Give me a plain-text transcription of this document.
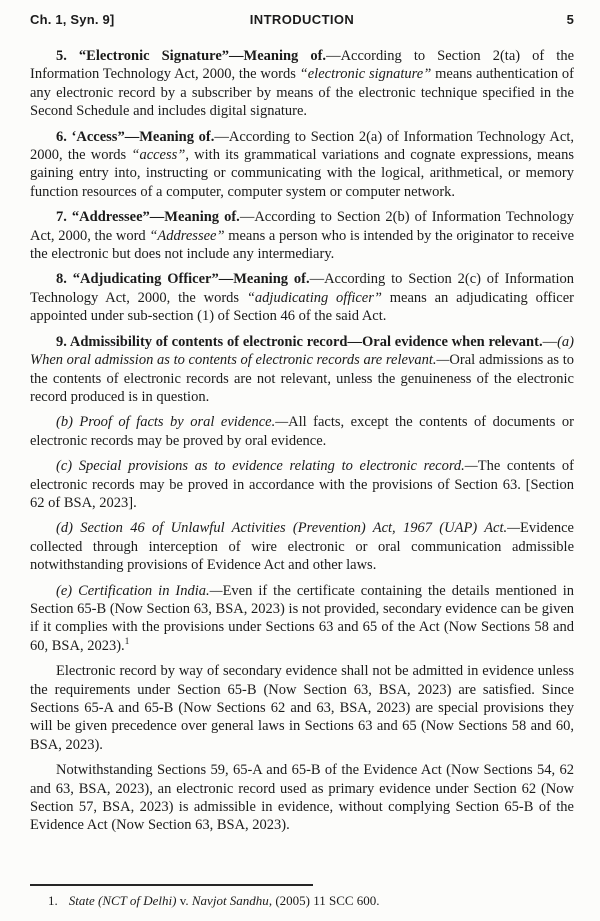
Ch. 1, Syn. 9]	INTRODUCTION	5

5. “Electronic Signature”—Meaning of.—According to Section 2(ta) of the Information Technology Act, 2000, the words “electronic signature” means authentication of any electronic record by a subscriber by means of the electronic technique specified in the Second Schedule and includes digital signature.

6. ‘Access”—Meaning of.—According to Section 2(a) of Information Technology Act, 2000, the words “access”, with its grammatical variations and cognate expressions, means gaining entry into, instructing or communicating with the logical, arithmetical, or memory function resources of a computer, computer system or computer network.

7. “Addressee”—Meaning of.—According to Section 2(b) of Information Technology Act, 2000, the word “Addressee” means a person who is intended by the originator to receive the electronic but does not include any intermediary.

8. “Adjudicating Officer”—Meaning of.—According to Section 2(c) of Information Technology Act, 2000, the words “adjudicating officer” means an adjudicating officer appointed under sub-section (1) of Section 46 of the said Act.

9. Admissibility of contents of electronic record—Oral evidence when relevant.—(a) When oral admission as to contents of electronic records are relevant.—Oral admissions as to the contents of electronic records are not relevant, unless the genuineness of the electronic record produced is in question.

(b) Proof of facts by oral evidence.—All facts, except the contents of documents or electronic records may be proved by oral evidence.

(c) Special provisions as to evidence relating to electronic record.—The contents of electronic records may be proved in accordance with the provisions of Section 63. [Section 62 of BSA, 2023].

(d) Section 46 of Unlawful Activities (Prevention) Act, 1967 (UAP) Act.—Evidence collected through interception of wire electronic or oral communication admissible notwithstanding provisions of Evidence Act and other laws.

(e) Certification in India.—Even if the certificate containing the details mentioned in Section 65-B (Now Section 63, BSA, 2023) is not provided, secondary evidence can be given if it complies with the provisions under Sections 63 and 65 of the Act (Now Sections 58 and 60, BSA, 2023).$^1$

Electronic record by way of secondary evidence shall not be admitted in evidence unless the requirements under Section 65-B (Now Section 63, BSA, 2023) are satisfied. Since Sections 65-A and 65-B (Now Sections 62 and 63, BSA, 2023) are special provisions they will be given precedence over general laws in Sections 63 and 65 (Now Sections 58 and 60, BSA, 2023).

Notwithstanding Sections 59, 65-A and 65-B of the Evidence Act (Now Sections 54, 62 and 63, BSA, 2023), an electronic record used as primary evidence under Section 62 (Now Section 57, BSA, 2023) is admissible in evidence, without complying Section 65-B of the Evidence Act (Now Section 63, BSA, 2023).

1. State (NCT of Delhi) v. Navjot Sandhu, (2005) 11 SCC 600.
